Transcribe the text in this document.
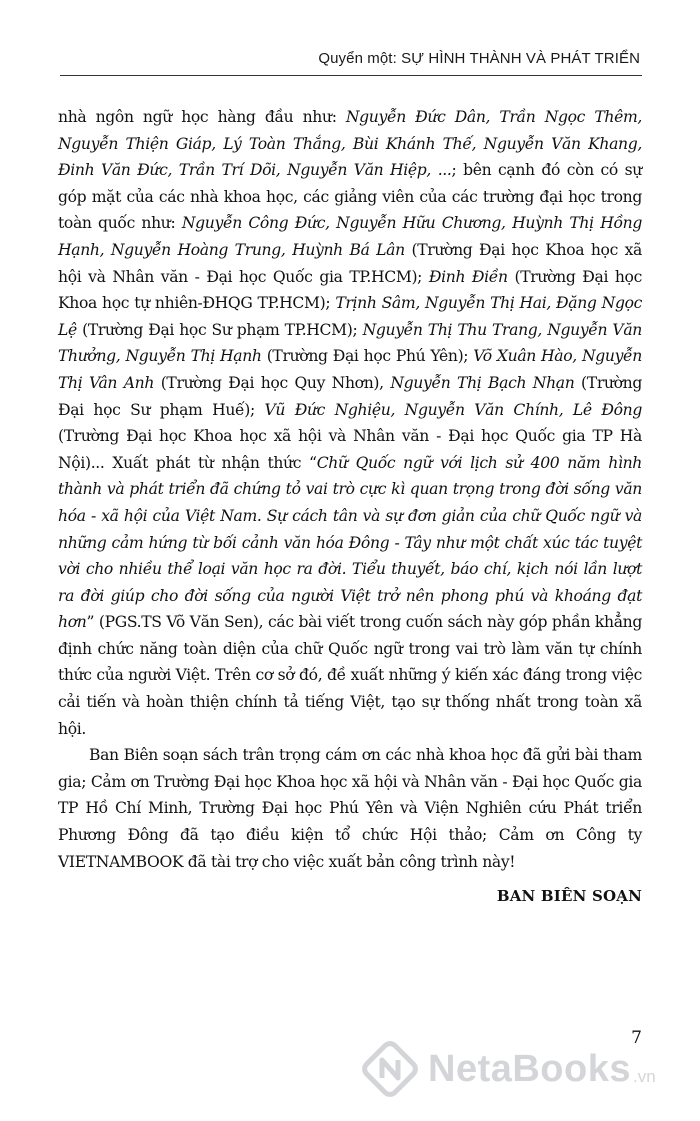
Quyển một: SỰ HÌNH THÀNH VÀ PHÁT TRIỂN

nhà ngôn ngữ học hàng đầu như: Nguyễn Đức Dân, Trần Ngọc Thêm, Nguyễn Thiện Giáp, Lý Toàn Thắng, Bùi Khánh Thế, Nguyễn Văn Khang, Đinh Văn Đức, Trần Trí Dõi, Nguyễn Văn Hiệp, ...; bên cạnh đó còn có sự góp mặt của các nhà khoa học, các giảng viên của các trường đại học trong toàn quốc như: Nguyễn Công Đức, Nguyễn Hữu Chương, Huỳnh Thị Hồng Hạnh, Nguyễn Hoàng Trung, Huỳnh Bá Lân (Trường Đại học Khoa học xã hội và Nhân văn - Đại học Quốc gia TP.HCM); Đinh Điền (Trường Đại học Khoa học tự nhiên-ĐHQG TP.HCM); Trịnh Sâm, Nguyễn Thị Hai, Đặng Ngọc Lệ (Trường Đại học Sư phạm TP.HCM); Nguyễn Thị Thu Trang, Nguyễn Văn Thưởng, Nguyễn Thị Hạnh (Trường Đại học Phú Yên); Võ Xuân Hào, Nguyễn Thị Vân Anh (Trường Đại học Quy Nhơn), Nguyễn Thị Bạch Nhạn (Trường Đại học Sư phạm Huế); Vũ Đức Nghiệu, Nguyễn Văn Chính, Lê Đông (Trường Đại học Khoa học xã hội và Nhân văn - Đại học Quốc gia TP Hà Nội)... Xuất phát từ nhận thức “Chữ Quốc ngữ với lịch sử 400 năm hình thành và phát triển đã chứng tỏ vai trò cực kì quan trọng trong đời sống văn hóa - xã hội của Việt Nam. Sự cách tân và sự đơn giản của chữ Quốc ngữ và những cảm hứng từ bối cảnh văn hóa Đông - Tây như một chất xúc tác tuyệt vời cho nhiều thể loại văn học ra đời. Tiểu thuyết, báo chí, kịch nói lần lượt ra đời giúp cho đời sống của người Việt trở nên phong phú và khoáng đạt hơn” (PGS.TS Võ Văn Sen), các bài viết trong cuốn sách này góp phần khẳng định chức năng toàn diện của chữ Quốc ngữ trong vai trò làm văn tự chính thức của người Việt. Trên cơ sở đó, đề xuất những ý kiến xác đáng trong việc cải tiến và hoàn thiện chính tả tiếng Việt, tạo sự thống nhất trong toàn xã hội.

Ban Biên soạn sách trân trọng cám ơn các nhà khoa học đã gửi bài tham gia; Cảm ơn Trường Đại học Khoa học xã hội và Nhân văn - Đại học Quốc gia TP Hồ Chí Minh, Trường Đại học Phú Yên và Viện Nghiên cứu Phát triển Phương Đông đã tạo điều kiện tổ chức Hội thảo; Cảm ơn Công ty VIETNAMBOOK đã tài trợ cho việc xuất bản công trình này!

BAN BIÊN SOẠN
7
NetaBooks .vn
